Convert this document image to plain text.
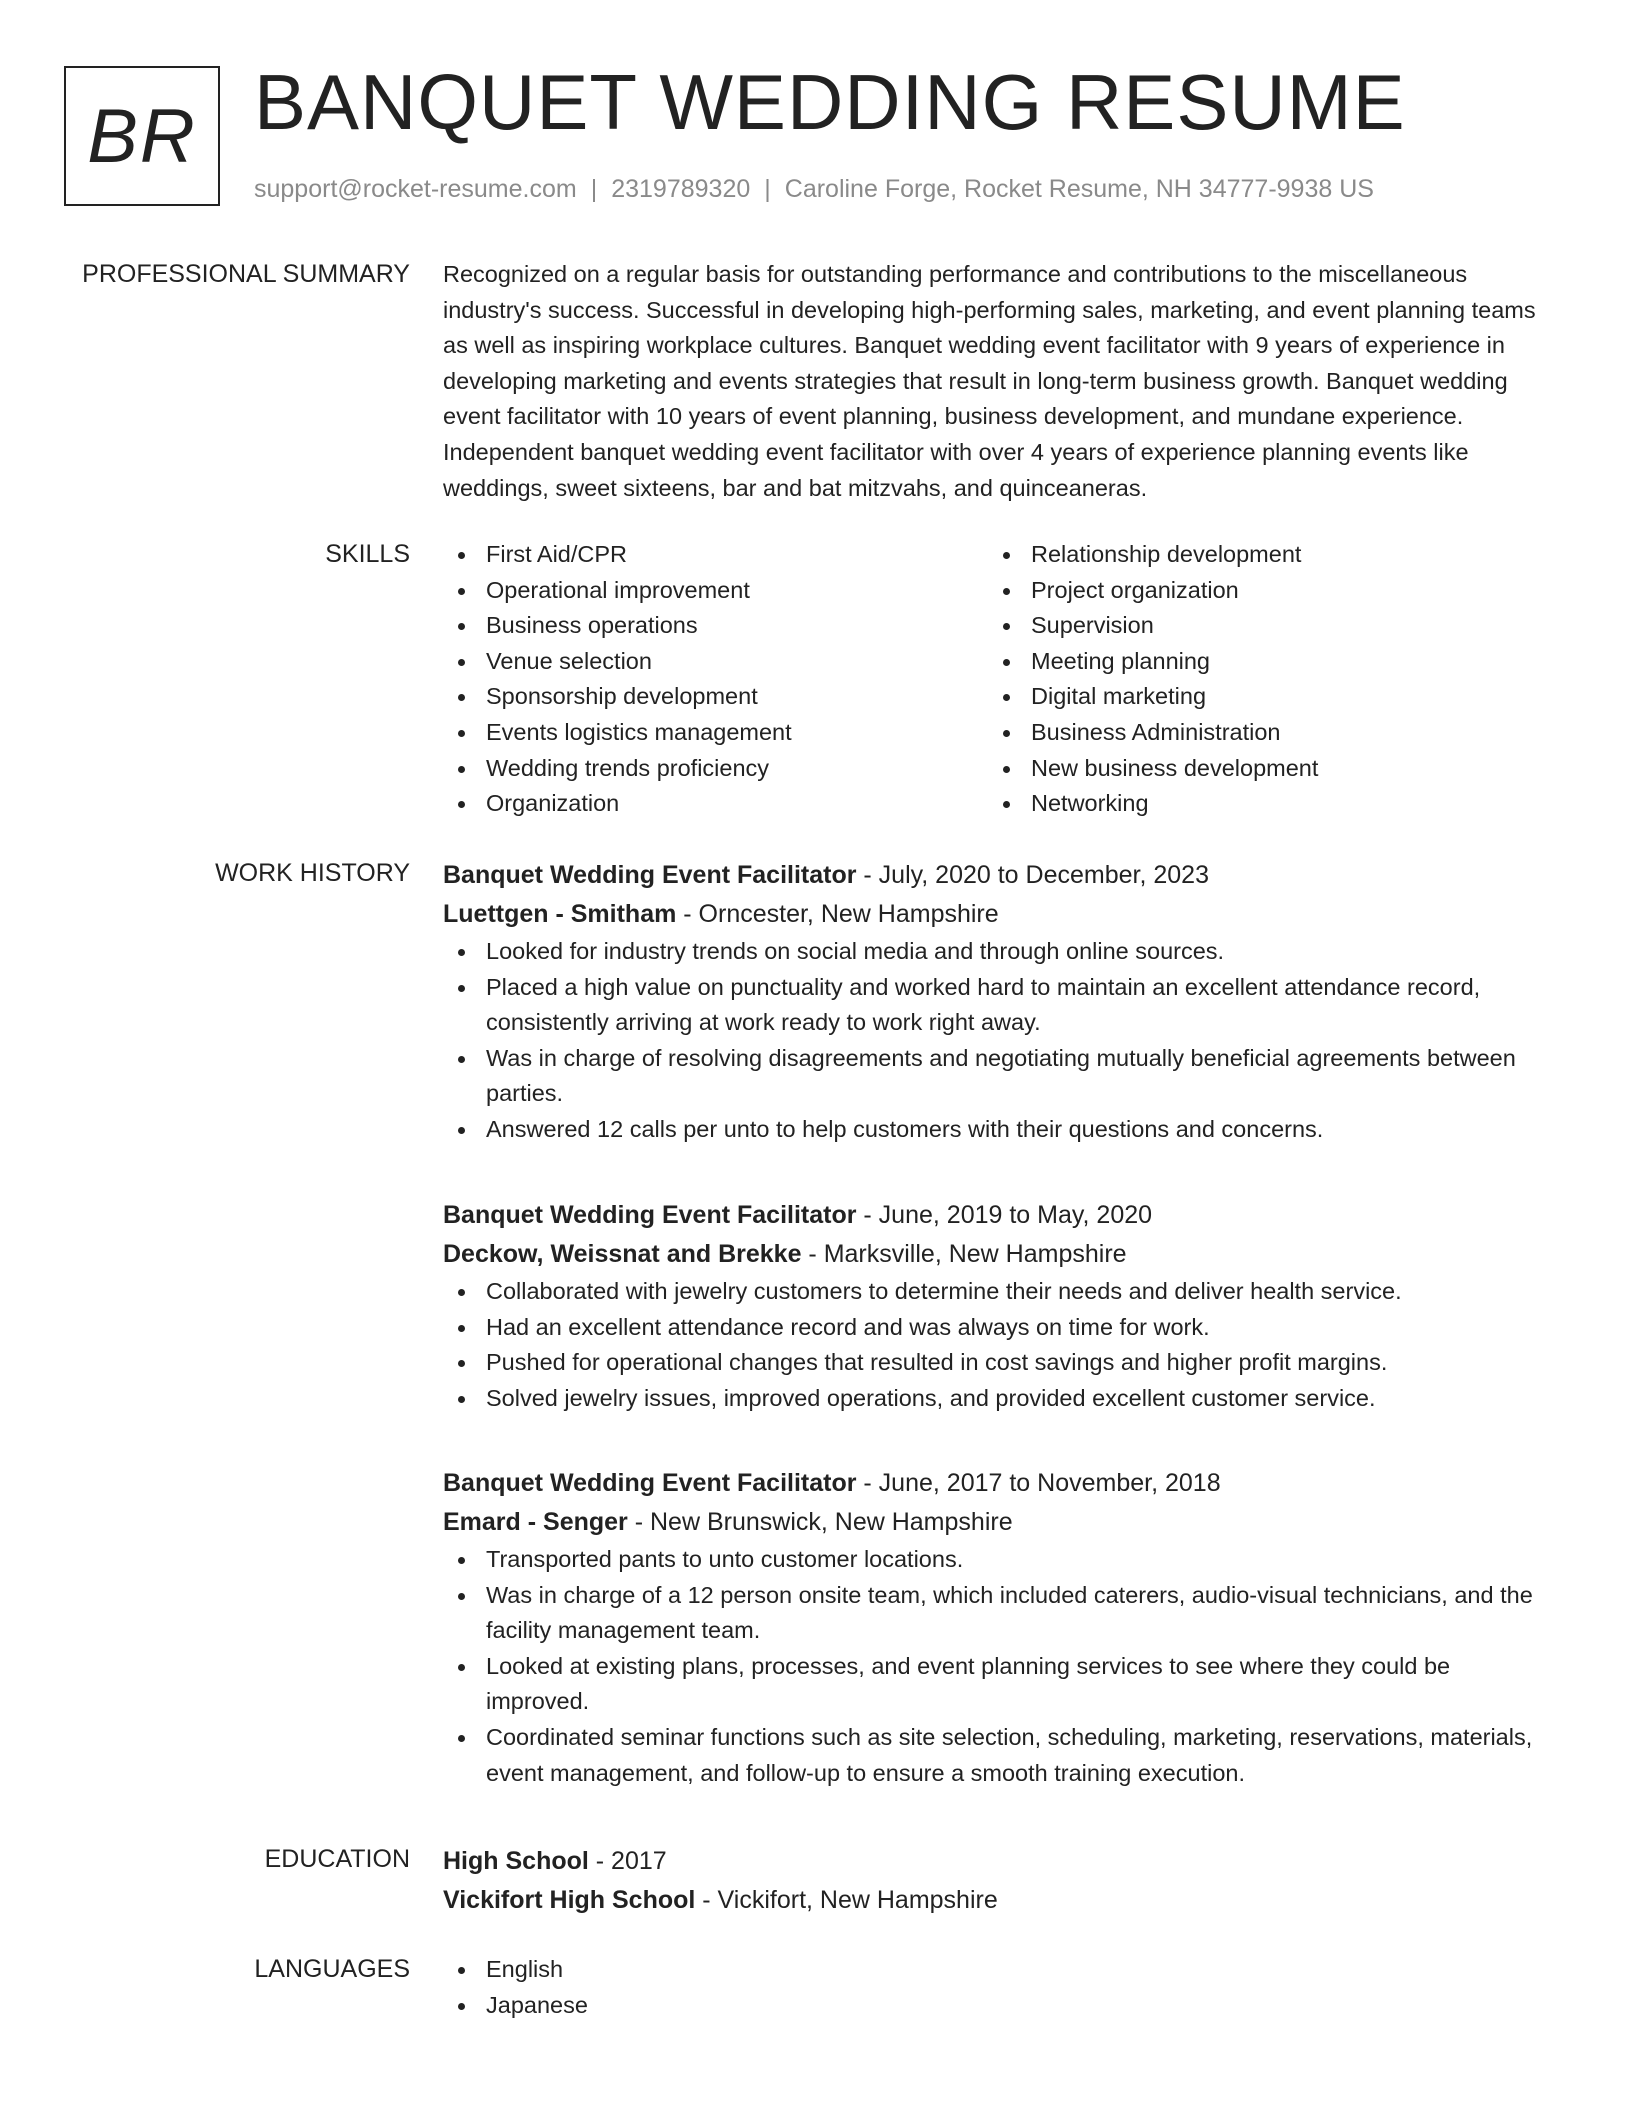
BR BANQUET WEDDING RESUME
support@rocket-resume.com | 2319789320 | Caroline Forge, Rocket Resume, NH 34777-9938 US
PROFESSIONAL SUMMARY Recognized on a regular basis for outstanding performance and contributions to the miscellaneous industry's success. Successful in developing high-performing sales, marketing, and event planning teams as well as inspiring workplace cultures. Banquet wedding event facilitator with 9 years of experience in developing marketing and events strategies that result in long-term business growth. Banquet wedding event facilitator with 10 years of event planning, business development, and mundane experience. Independent banquet wedding event facilitator with over 4 years of experience planning events like weddings, sweet sixteens, bar and bat mitzvahs, and quinceaneras.

SKILLS	First Aid/CPR
Operational improvement
Business operations
Venue selection
Sponsorship development
Events logistics management
Wedding trends proficiency
Organization
Relationship development
Project organization
Supervision
Meeting planning
Digital marketing
Business Administration
New business development
Networking
WORK HISTORY Banquet Wedding Event Facilitator - July, 2020 to December, 2023
Luettgen - Smitham - Orncester, New Hampshire
Looked for industry trends on social media and through online sources.
Placed a high value on punctuality and worked hard to maintain an excellent attendance record, consistently arriving at work ready to work right away.
Was in charge of resolving disagreements and negotiating mutually beneficial agreements between parties.
Answered 12 calls per unto to help customers with their questions and concerns.
Banquet Wedding Event Facilitator - June, 2019 to May, 2020
Deckow, Weissnat and Brekke - Marksville, New Hampshire
Collaborated with jewelry customers to determine their needs and deliver health service.
Had an excellent attendance record and was always on time for work.
Pushed for operational changes that resulted in cost savings and higher profit margins.
Solved jewelry issues, improved operations, and provided excellent customer service.
Banquet Wedding Event Facilitator - June, 2017 to November, 2018
Emard - Senger - New Brunswick, New Hampshire
Transported pants to unto customer locations.
Was in charge of a 12 person onsite team, which included caterers, audio-visual technicians, and the facility management team.
Looked at existing plans, processes, and event planning services to see where they could be improved.
Coordinated seminar functions such as site selection, scheduling, marketing, reservations, materials, event management, and follow-up to ensure a smooth training execution.
EDUCATION High School - 2017
Vickifort High School - Vickifort, New Hampshire
LANGUAGES	English
Japanese
